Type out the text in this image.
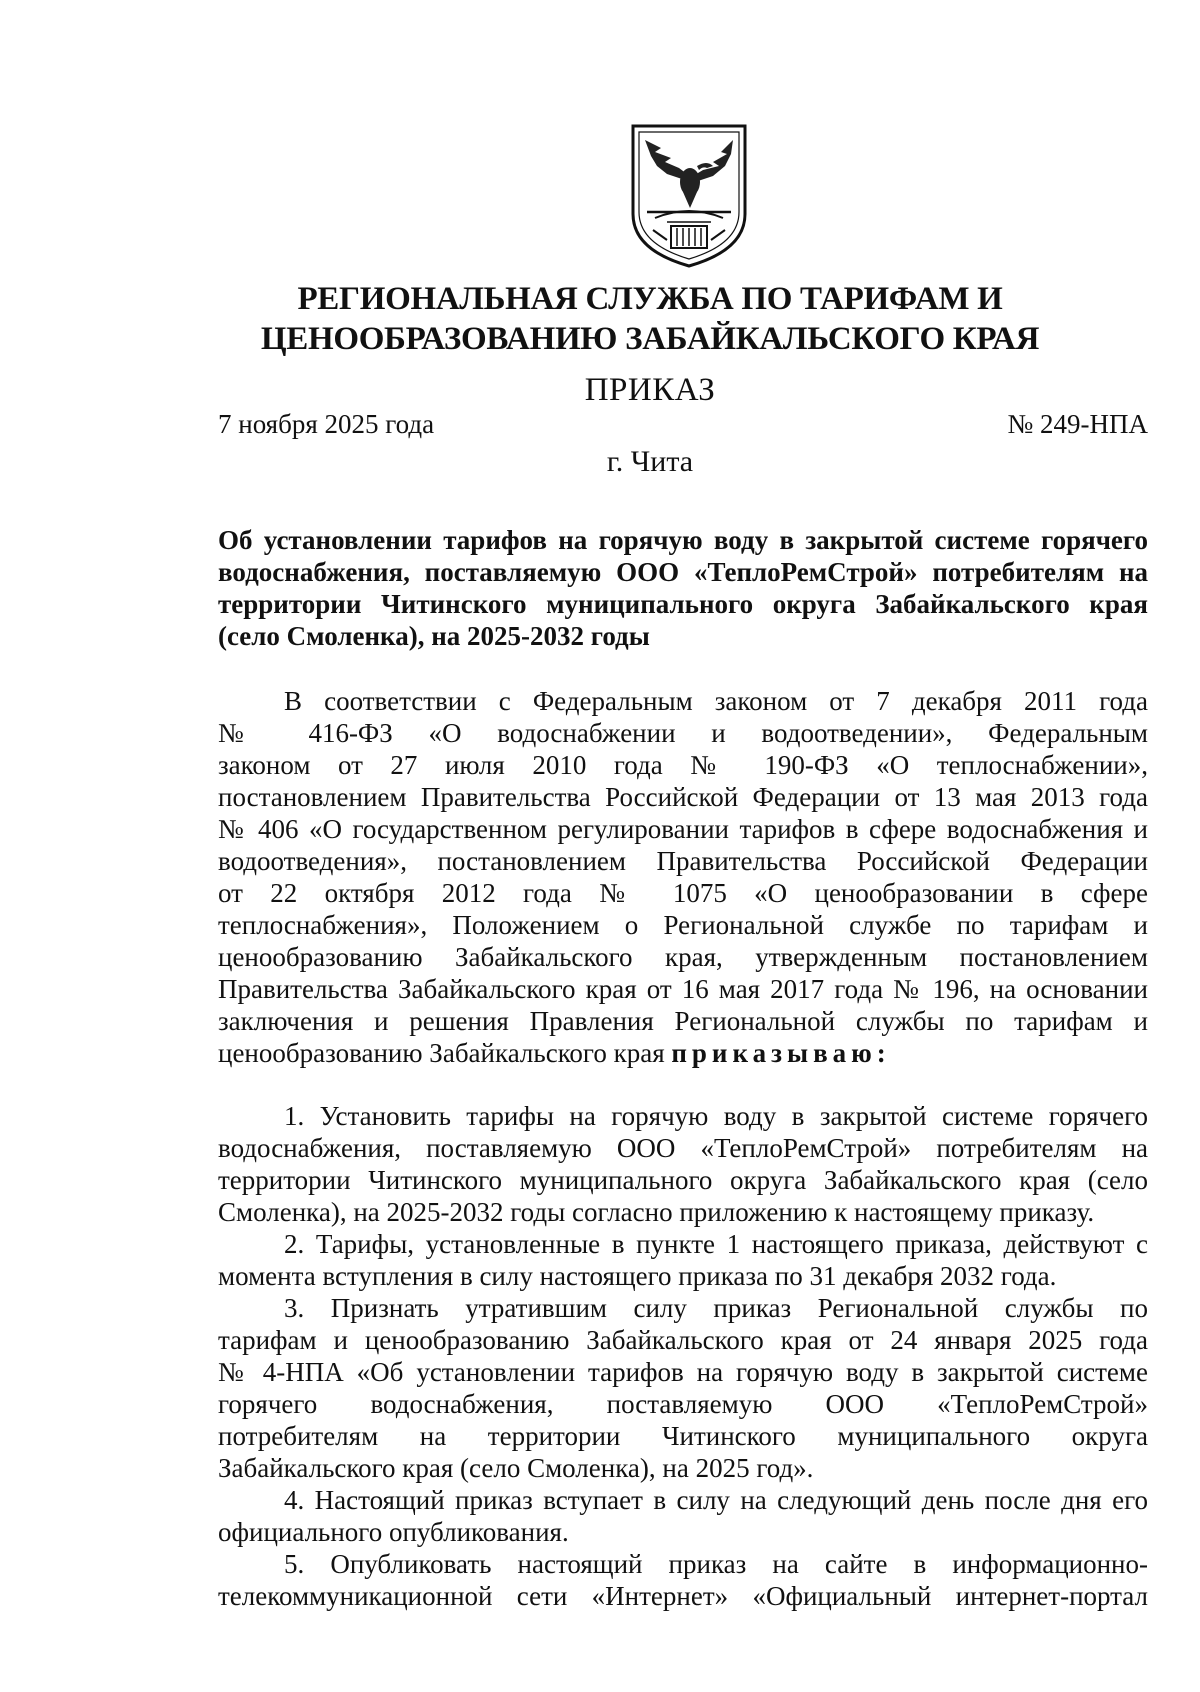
РЕГИОНАЛЬНАЯ СЛУЖБА ПО ТАРИФАМ И
ЦЕНООБРАЗОВАНИЮ ЗАБАЙКАЛЬСКОГО КРАЯ
ПРИКАЗ
7 ноября 2025 года	№ 249-НПА
г. Чита
Об установлении тарифов на горячую воду в закрытой системе горячего
водоснабжения, поставляемую ООО «ТеплоРемСтрой» потребителям на
территории Читинского муниципального округа Забайкальского края
(село Смоленка), на 2025-2032 годы
В соответствии с Федеральным законом от 7 декабря 2011 года
№ 416-ФЗ «О водоснабжении и водоотведении», Федеральным
законом от 27 июля 2010 года № 190-ФЗ «О теплоснабжении»,
постановлением Правительства Российской Федерации от 13 мая 2013 года
№ 406 «О государственном регулировании тарифов в сфере водоснабжения и
водоотведения», постановлением Правительства Российской Федерации
от 22 октября 2012 года № 1075 «О ценообразовании в сфере
теплоснабжения», Положением о Региональной службе по тарифам и
ценообразованию Забайкальского края, утвержденным постановлением
Правительства Забайкальского края от 16 мая 2017 года № 196, на основании
заключения и решения Правления Региональной службы по тарифам и
ценообразованию Забайкальского края приказываю:
1. Установить тарифы на горячую воду в закрытой системе горячего
водоснабжения, поставляемую ООО «ТеплоРемСтрой» потребителям на
территории Читинского муниципального округа Забайкальского края (село
Смоленка), на 2025-2032 годы согласно приложению к настоящему приказу.
2. Тарифы, установленные в пункте 1 настоящего приказа, действуют с
момента вступления в силу настоящего приказа по 31 декабря 2032 года.
3. Признать утратившим силу приказ Региональной службы по
тарифам и ценообразованию Забайкальского края от 24 января 2025 года
№ 4-НПА «Об установлении тарифов на горячую воду в закрытой системе
горячего водоснабжения, поставляемую ООО «ТеплоРемСтрой»
потребителям на территории Читинского муниципального округа
Забайкальского края (село Смоленка), на 2025 год».
4. Настоящий приказ вступает в силу на следующий день после дня его
официального опубликования.
5. Опубликовать настоящий приказ на сайте в информационно-
телекоммуникационной сети «Интернет» «Официальный интернет-портал
